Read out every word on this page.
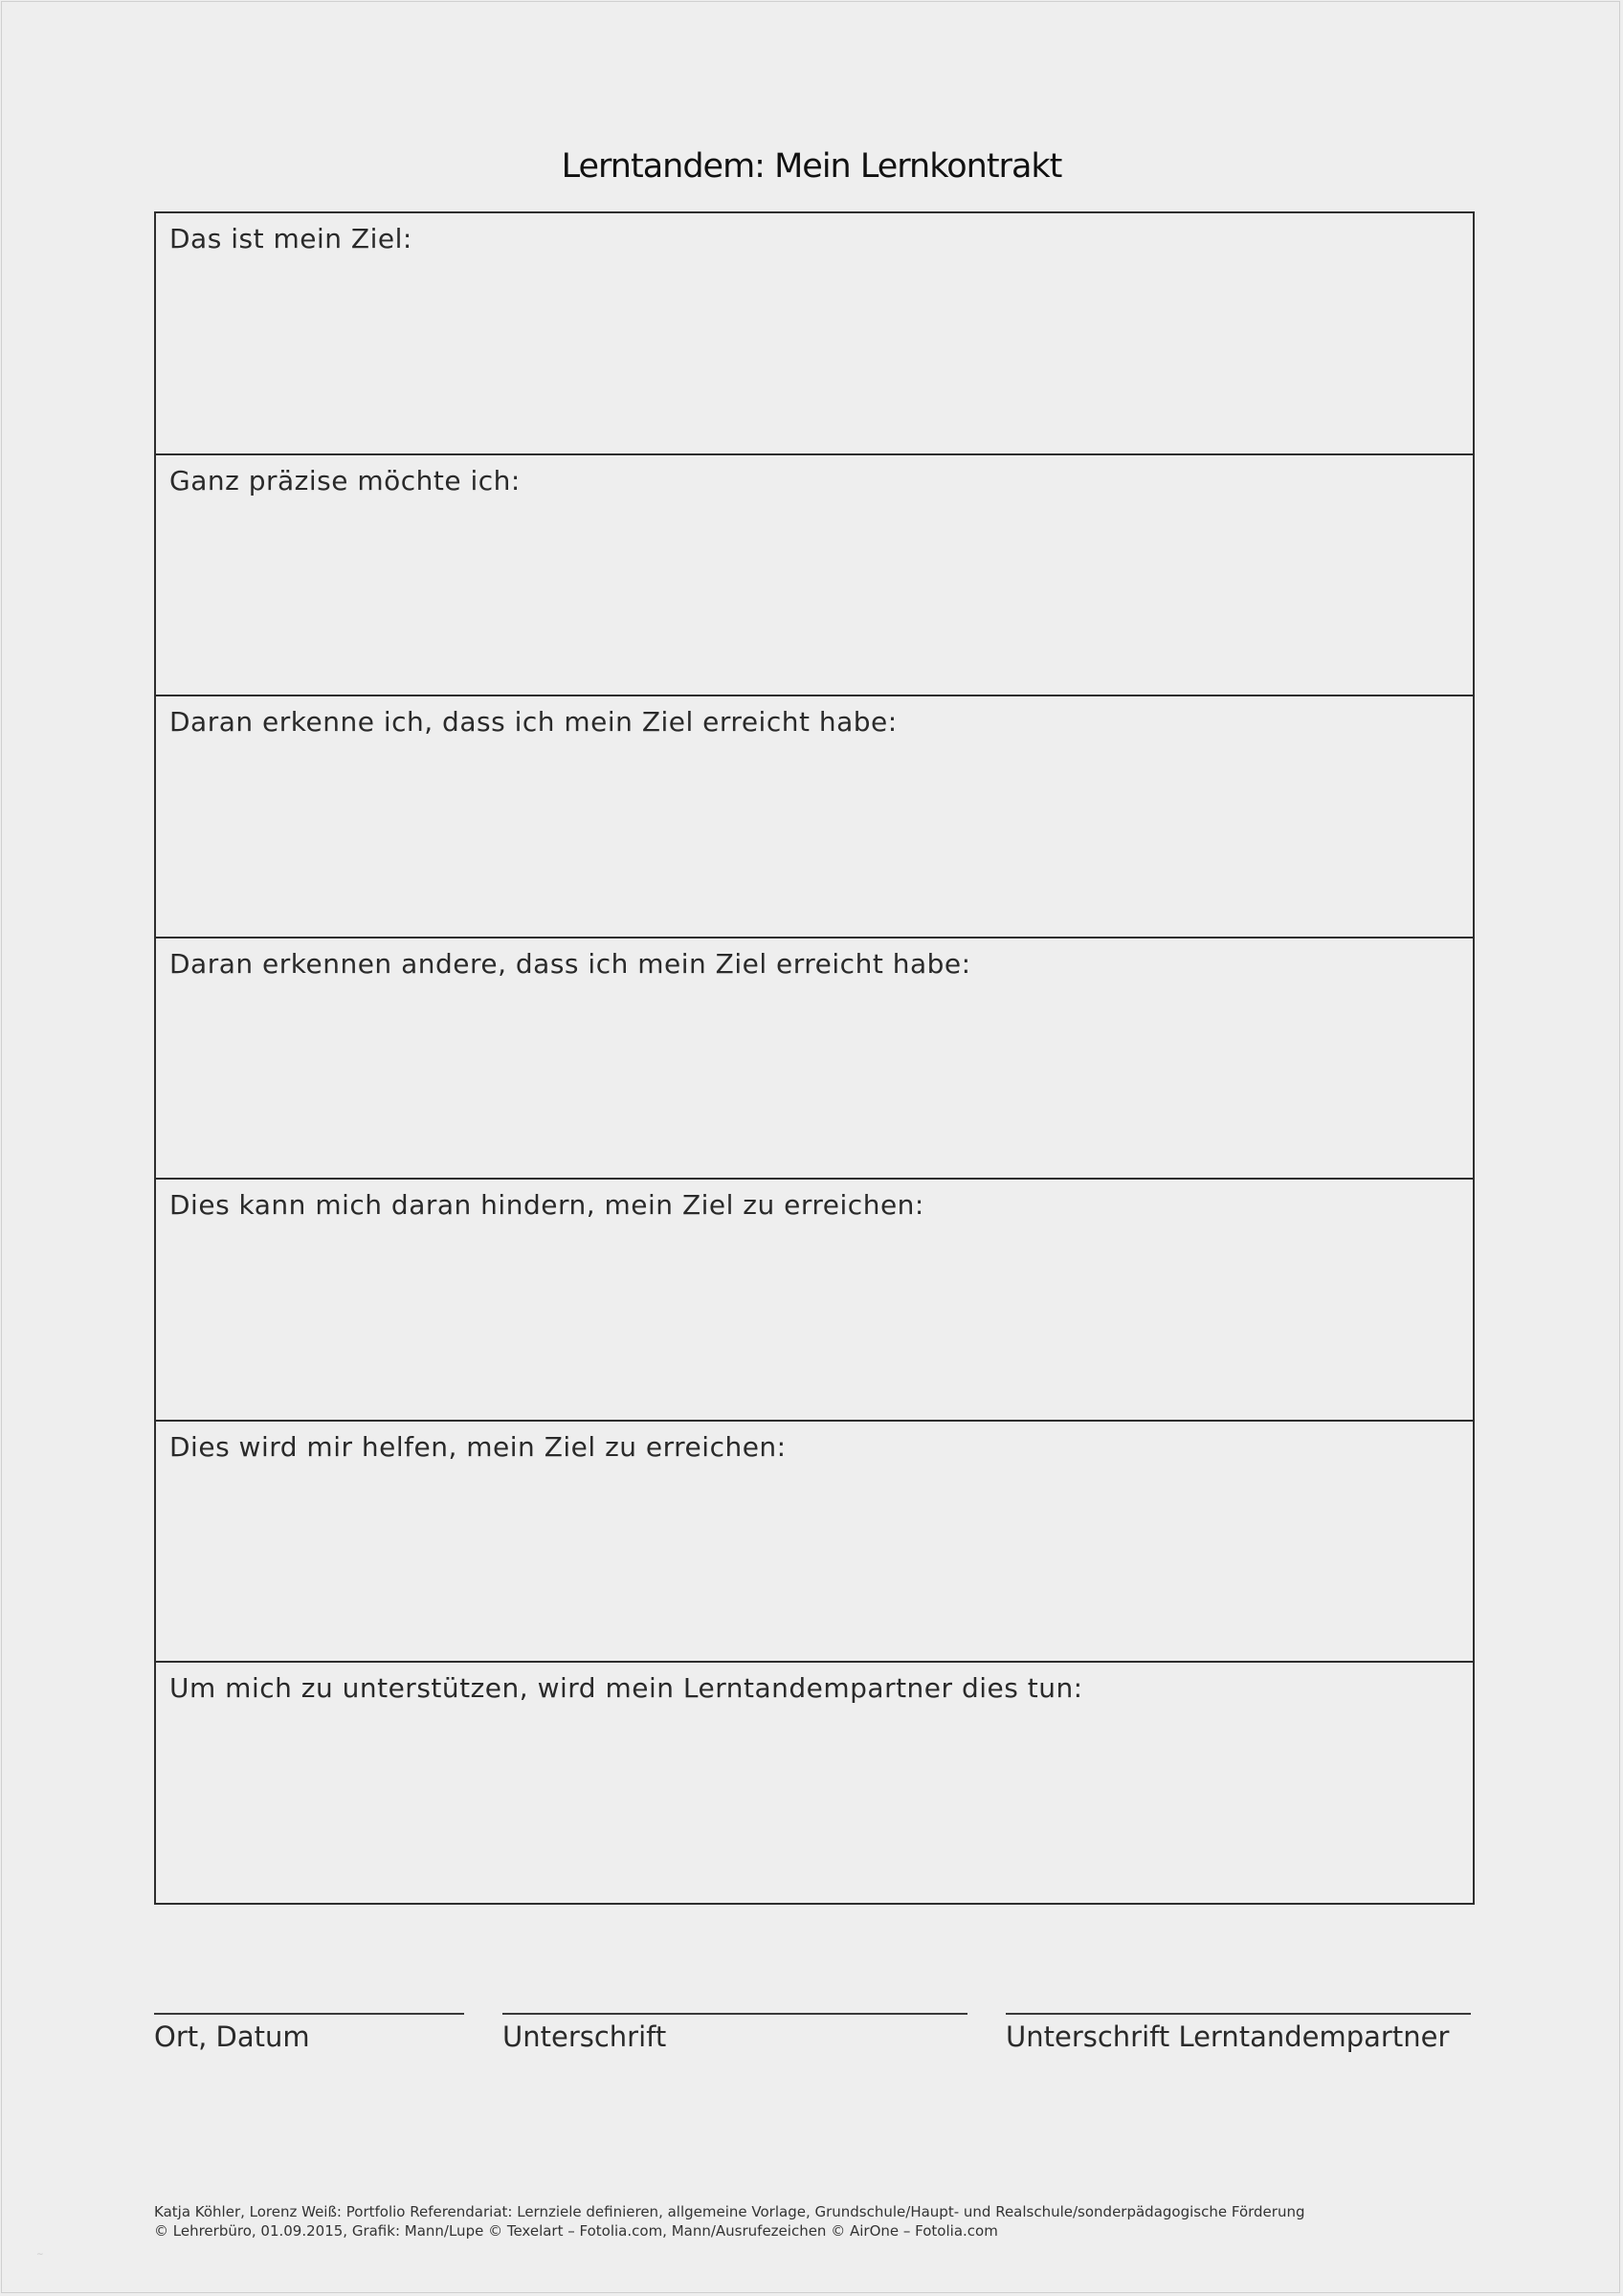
Lerntandem: Mein Lernkontrakt
Das ist mein Ziel:
Ganz präzise möchte ich:
Daran erkenne ich, dass ich mein Ziel erreicht habe:
Daran erkennen andere, dass ich mein Ziel erreicht habe:
Dies kann mich daran hindern, mein Ziel zu erreichen:
Dies wird mir helfen, mein Ziel zu erreichen:
Um mich zu unterstützen, wird mein Lerntandempartner dies tun:
Ort, Datum	Unterschrift	Unterschrift Lerntandempartner
Katja Köhler, Lorenz Weiß: Portfolio Referendariat: Lernziele definieren, allgemeine Vorlage, Grundschule/Haupt- und Realschule/sonderpädagogische Förderung
© Lehrerbüro, 01.09.2015, Grafik: Mann/Lupe © Texelart – Fotolia.com, Mann/Ausrufezeichen © AirOne – Fotolia.com
~
